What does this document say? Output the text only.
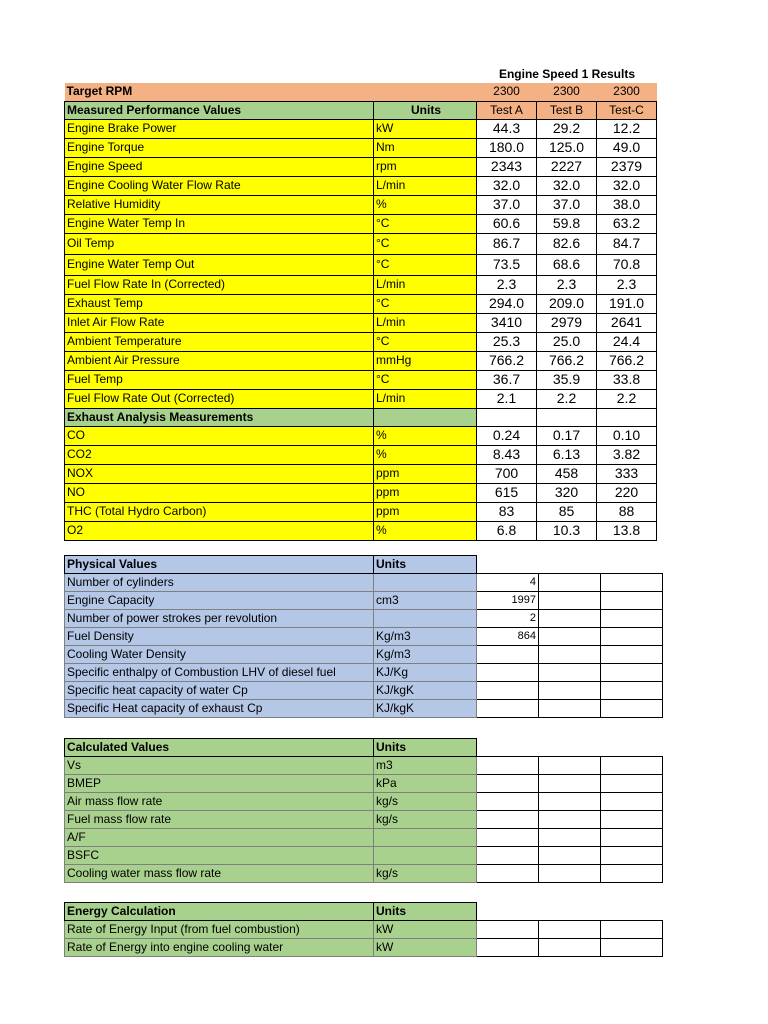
Engine Speed 1 Results
Target RPM		2300	2300	2300
Measured Performance Values	Units	Test A	Test B	Test-C
Engine Brake Power	kW	44.3	29.2	12.2
Engine Torque	Nm	180.0	125.0	49.0
Engine Speed	rpm	2343	2227	2379
Engine Cooling Water Flow Rate	L/min	32.0	32.0	32.0
Relative Humidity	%	37.0	37.0	38.0
Engine Water Temp In	°C	60.6	59.8	63.2
Oil Temp	°C	86.7	82.6	84.7
Engine Water Temp Out	°C	73.5	68.6	70.8
Fuel Flow Rate In (Corrected)	L/min	2.3	2.3	2.3
Exhaust Temp	°C	294.0	209.0	191.0
Inlet Air Flow Rate	L/min	3410	2979	2641
Ambient Temperature	°C	25.3	25.0	24.4
Ambient Air Pressure	mmHg	766.2	766.2	766.2
Fuel Temp	°C	36.7	35.9	33.8
Fuel Flow Rate Out (Corrected)	L/min	2.1	2.2	2.2
Exhaust Analysis Measurements				
CO	%	0.24	0.17	0.10
CO2	%	8.43	6.13	3.82
NOX	ppm	700	458	333
NO	ppm	615	320	220
THC (Total Hydro Carbon)	ppm	83	85	88
O2	%	6.8	10.3	13.8
Physical Values	Units			
Number of cylinders		4		
Engine Capacity	cm3	1997		
Number of power strokes per revolution		2		
Fuel Density	Kg/m3	864		
Cooling Water Density	Kg/m3			
Specific enthalpy of Combustion LHV of diesel fuel	KJ/Kg			
Specific heat capacity of water Cp	KJ/kgK			
Specific Heat capacity of exhaust Cp	KJ/kgK			
Calculated Values	Units			
Vs	m3			
BMEP	kPa			
Air mass flow rate	kg/s			
Fuel mass flow rate	kg/s			
A/F				
BSFC				
Cooling water mass flow rate	kg/s			
Energy Calculation	Units			
Rate of Energy Input (from fuel combustion)	kW			
Rate of Energy into engine cooling water	kW			
